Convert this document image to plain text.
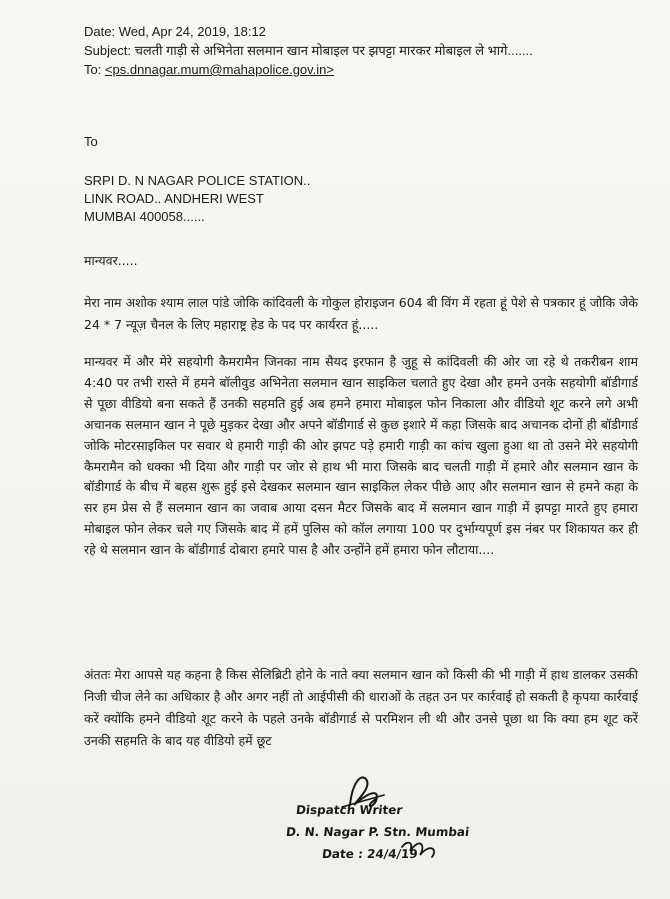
Date: Wed, Apr 24, 2019, 18:12
Subject: चलती गाड़ी से अभिनेता सलमान खान मोबाइल पर झपट्टा मारकर मोबाइल ले भागे.......
To: <ps.dnnagar.mum@mahapolice.gov.in>
To
SRPI D. N NAGAR POLICE STATION..
LINK ROAD.. ANDHERI WEST
MUMBAI 400058......
मान्यवर.....
मेरा नाम अशोक श्याम लाल पांडे जोकि कांदिवली के गोकुल होराइजन 604 बी विंग में रहता हूं पेशे से पत्रकार हूं जोकि जेके 24 * 7 न्यूज़ चैनल के लिए महाराष्ट्र हेड के पद पर कार्यरत हूं.....
मान्यवर में और मेरे सहयोगी कैमरामैन जिनका नाम सैयद इरफान है जुहू से कांदिवली की ओर जा रहे थे तकरीबन शाम 4:40 पर तभी रास्ते में हमने बॉलीवुड अभिनेता सलमान खान साइकिल चलाते हुए देखा और हमने उनके सहयोगी बॉडीगार्ड से पूछा वीडियो बना सकते हैं उनकी सहमति हुई अब हमने हमारा मोबाइल फोन निकाला और वीडियो शूट करने लगे अभी अचानक सलमान खान ने पूछे मुड़कर देखा और अपने बॉडीगार्ड से कुछ इशारे में कहा जिसके बाद अचानक दोनों ही बॉडीगार्ड जोकि मोटरसाइकिल पर सवार थे हमारी गाड़ी की ओर झपट पड़े हमारी गाड़ी का कांच खुला हुआ था तो उसने मेरे सहयोगी कैमरामैन को धक्का भी दिया और गाड़ी पर जोर से हाथ भी मारा जिसके बाद चलती गाड़ी में हमारे और सलमान खान के बॉडीगार्ड के बीच में बहस शुरू हुई इसे देखकर सलमान खान साइकिल लेकर पीछे आए और सलमान खान से हमने कहा के सर हम प्रेस से हैं सलमान खान का जवाब आया दसन मैटर जिसके बाद में सलमान खान गाड़ी में झपट्टा मारते हुए हमारा मोबाइल फोन लेकर चले गए जिसके बाद में हमें पुलिस को कॉल लगाया 100 पर दुर्भाग्यपूर्ण इस नंबर पर शिकायत कर ही रहे थे सलमान खान के बॉडीगार्ड दोबारा हमारे पास है और उन्होंने हमें हमारा फोन लौटाया....
अंततः मेरा आपसे यह कहना है किस सेलिब्रिटी होने के नाते क्या सलमान खान को किसी की भी गाड़ी में हाथ डालकर उसकी निजी चीज लेने का अधिकार है और अगर नहीं तो आईपीसी की धाराओं के तहत उन पर कार्रवाई हो सकती है कृपया कार्रवाई करें क्योंकि हमने वीडियो शूट करने के पहले उनके बॉडीगार्ड से परमिशन ली थी और उनसे पूछा था कि क्या हम शूट करें उनकी सहमति के बाद यह वीडियो हमें छूट
Dispatch Writer
D. N. Nagar P. Stn. Mumbai
Date : 24/4/19
